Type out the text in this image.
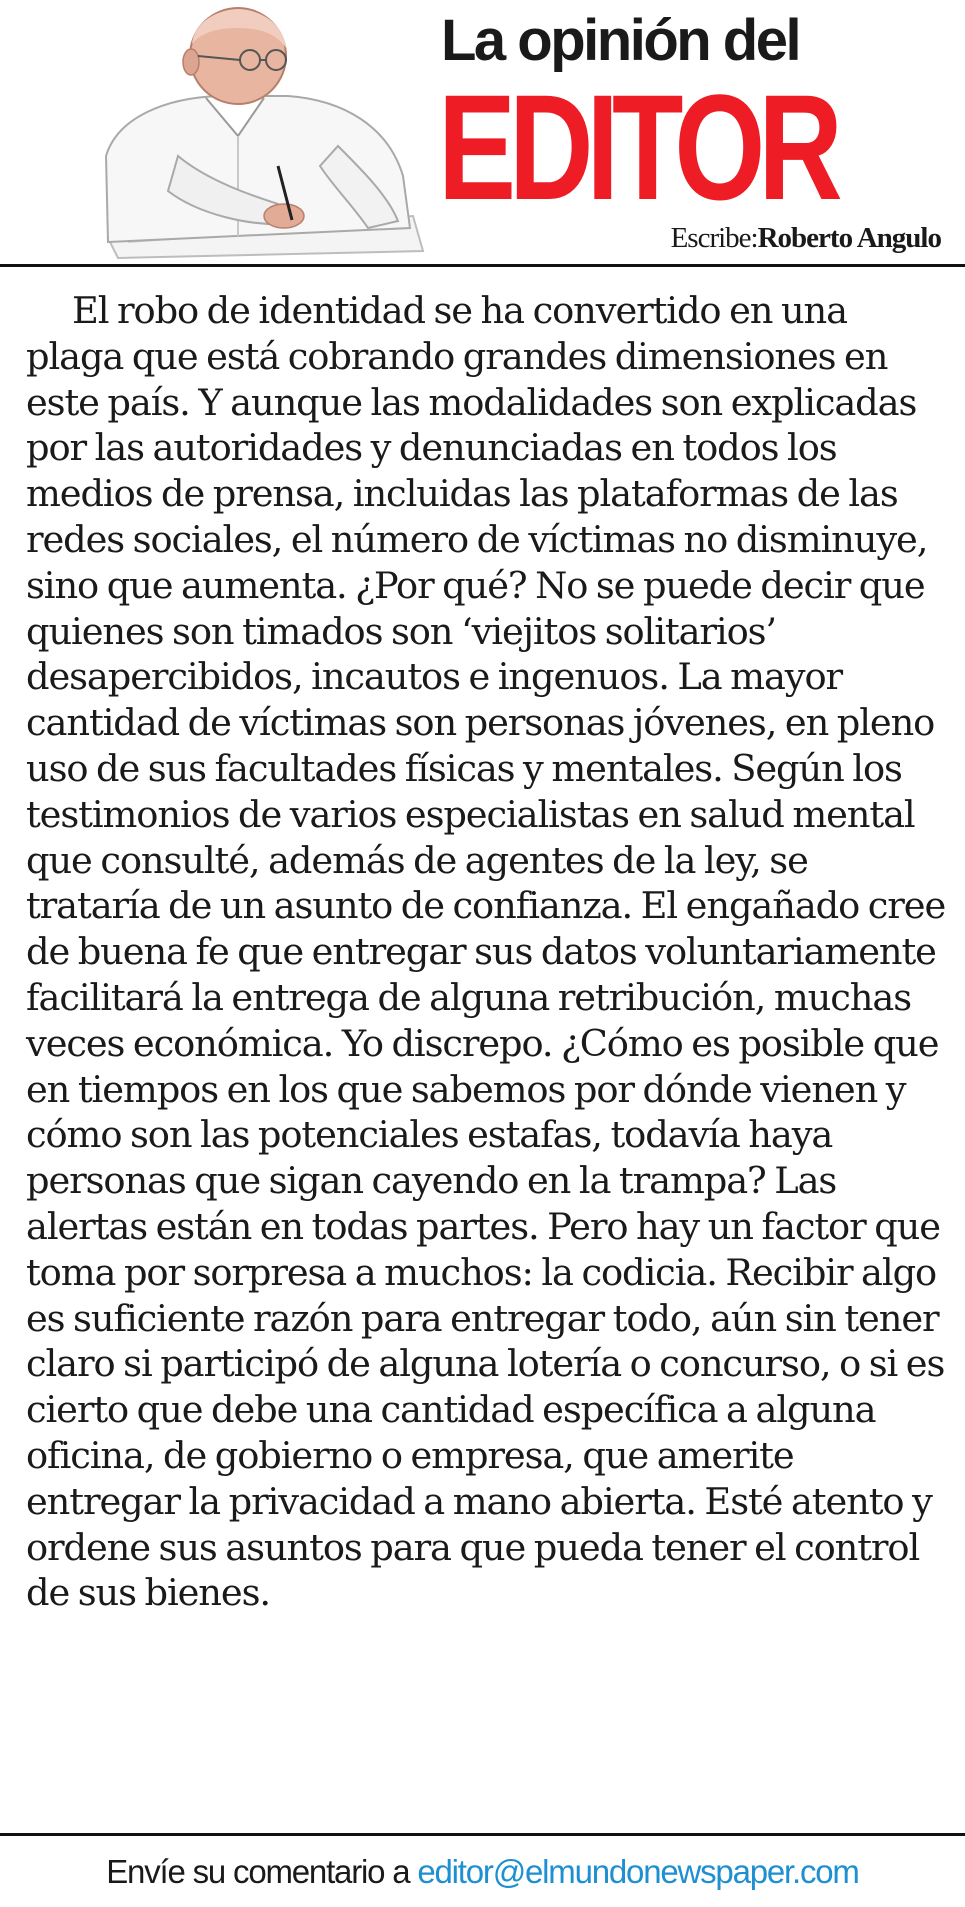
La opinión del
EDITOR
Escribe:Roberto Angulo

El robo de identidad se ha convertido en una plaga que está cobrando grandes dimensiones en este país. Y aunque las modalidades son explicadas por las autoridades y denunciadas en todos los medios de prensa, incluidas las plataformas de las redes sociales, el número de víctimas no disminuye, sino que aumenta. ¿Por qué? No se puede decir que quienes son timados son ‘viejitos solitarios’ desapercibidos, incautos e ingenuos. La mayor cantidad de víctimas son personas jóvenes, en pleno uso de sus facultades físicas y mentales. Según los testimonios de varios especialistas en salud mental que consulté, además de agentes de la ley, se trataría de un asunto de confianza. El engañado cree de buena fe que entregar sus datos voluntariamente facilitará la entrega de alguna retribución, muchas veces económica. Yo discrepo. ¿Cómo es posible que en tiempos en los que sabemos por dónde vienen y cómo son las potenciales estafas, todavía haya personas que sigan cayendo en la trampa? Las alertas están en todas partes. Pero hay un factor que toma por sorpresa a muchos: la codicia. Recibir algo es suficiente razón para entregar todo, aún sin tener claro si participó de alguna lotería o concurso, o si es cierto que debe una cantidad específica a alguna oficina, de gobierno o empresa, que amerite entregar la privacidad a mano abierta. Esté atento y ordene sus asuntos para que pueda tener el control de sus bienes.

Envíe su comentario a editor@elmundonewspaper.com
